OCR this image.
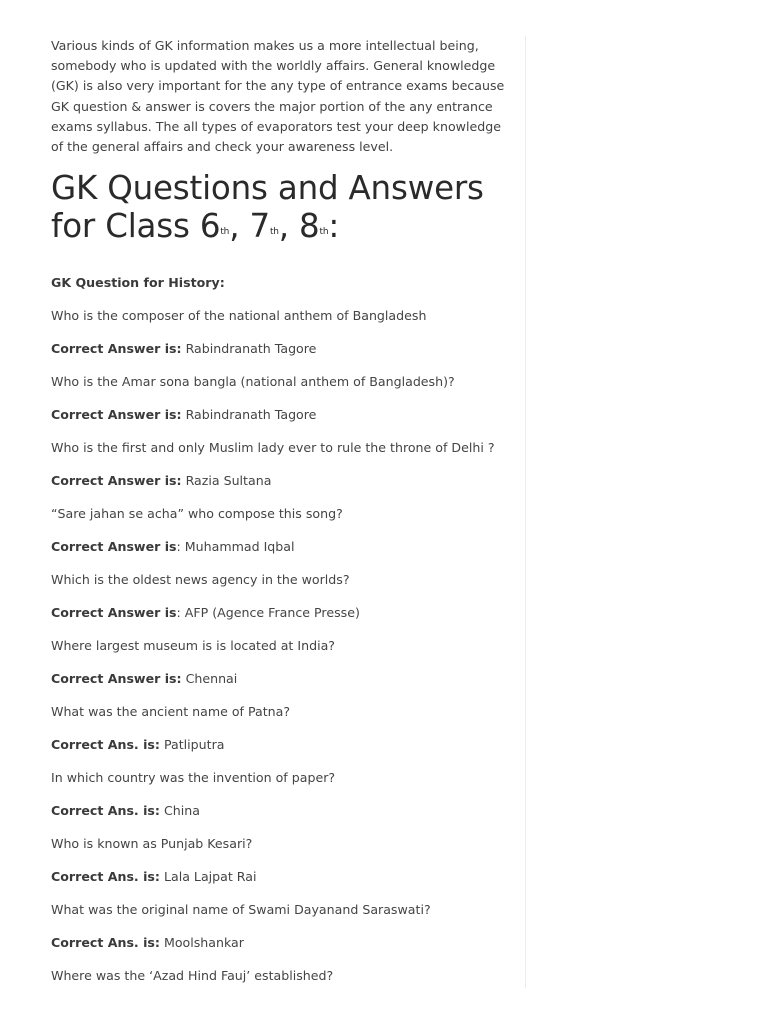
Various kinds of GK information makes us a more intellectual being, somebody who is updated with the worldly affairs. General knowledge (GK) is also very important for the any type of entrance exams because GK question & answer is covers the major portion of the any entrance exams syllabus. The all types of evaporators test your deep knowledge of the general affairs and check your awareness level.

GK Questions and Answers for Class 6th, 7th, 8th:

GK Question for History:

Who is the composer of the national anthem of Bangladesh

Correct Answer is: Rabindranath Tagore

Who is the Amar sona bangla (national anthem of Bangladesh)?

Correct Answer is: Rabindranath Tagore

Who is the first and only Muslim lady ever to rule the throne of Delhi ?

Correct Answer is: Razia Sultana

“Sare jahan se acha” who compose this song?

Correct Answer is: Muhammad Iqbal

Which is the oldest news agency in the worlds?

Correct Answer is: AFP (Agence France Presse)

Where largest museum is is located at India?

Correct Answer is: Chennai

What was the ancient name of Patna?

Correct Ans. is: Patliputra

In which country was the invention of paper?

Correct Ans. is: China

Who is known as Punjab Kesari?

Correct Ans. is: Lala Lajpat Rai

What was the original name of Swami Dayanand Saraswati?

Correct Ans. is: Moolshankar

Where was the ‘Azad Hind Fauj’ established?
